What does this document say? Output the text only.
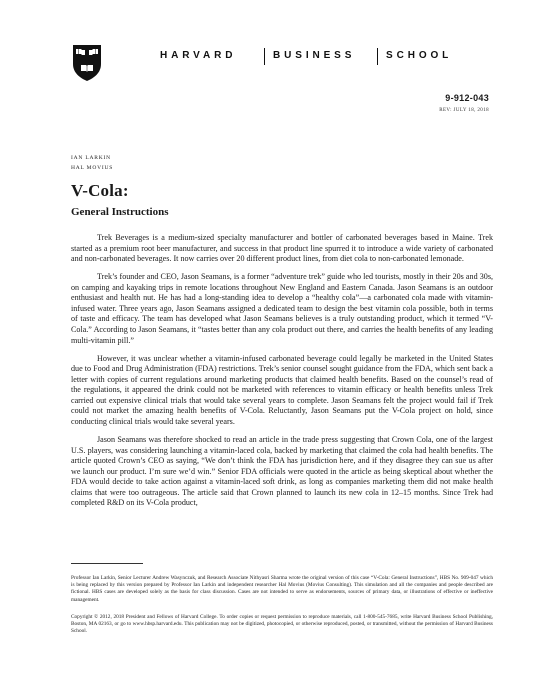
HARVARD	BUSINESS	SCHOOL
9-912-043
REV: JULY 18, 2018
IAN LARKIN
HAL MOVIUS
V-Cola:
General Instructions

Trek Beverages is a medium-sized specialty manufacturer and bottler of carbonated beverages based in Maine. Trek started as a premium root beer manufacturer, and success in that product line spurred it to introduce a wide variety of carbonated and non-carbonated beverages. It now carries over 20 different product lines, from diet cola to non-carbonated lemonade.

Trek’s founder and CEO, Jason Seamans, is a former “adventure trek” guide who led tourists, mostly in their 20s and 30s, on camping and kayaking trips in remote locations throughout New England and Eastern Canada. Jason Seamans is an outdoor enthusiast and health nut. He has had a long-standing idea to develop a “healthy cola”—a carbonated cola made with vitamin-infused water. Three years ago, Jason Seamans assigned a dedicated team to design the best vitamin cola possible, both in terms of taste and efficacy. The team has developed what Jason Seamans believes is a truly outstanding product, which it termed “V-Cola.” According to Jason Seamans, it “tastes better than any cola product out there, and carries the health benefits of any leading multi-vitamin pill.”

However, it was unclear whether a vitamin-infused carbonated beverage could legally be marketed in the United States due to Food and Drug Administration (FDA) restrictions. Trek’s senior counsel sought guidance from the FDA, which sent back a letter with copies of current regulations around marketing products that claimed health benefits. Based on the counsel’s read of the regulations, it appeared the drink could not be marketed with references to vitamin efficacy or health benefits unless Trek carried out expensive clinical trials that would take several years to complete. Jason Seamans felt the project would fail if Trek could not market the amazing health benefits of V-Cola. Reluctantly, Jason Seamans put the V-Cola project on hold, since conducting clinical trials would take several years.

Jason Seamans was therefore shocked to read an article in the trade press suggesting that Crown Cola, one of the largest U.S. players, was considering launching a vitamin-laced cola, backed by marketing that claimed the cola had health benefits. The article quoted Crown’s CEO as saying, “We don’t think the FDA has jurisdiction here, and if they disagree they can sue us after we launch our product. I’m sure we’d win.” Senior FDA officials were quoted in the article as being skeptical about whether the FDA would decide to take action against a vitamin-laced soft drink, as long as companies marketing them did not make health claims that were too outrageous. The article said that Crown planned to launch its new cola in 12–15 months. Since Trek had completed R&D on its V-Cola product,

Professor Ian Larkin, Senior Lecturer Andrew Wasynczuk, and Research Associate Nithyasri Sharma wrote the original version of this case “V-Cola: General Instructions”, HBS No. 909-047 which is being replaced by this version prepared by Professor Ian Larkin and independent researcher Hal Movius (Movius Consulting). This simulation and all the companies and people described are fictional. HBS cases are developed solely as the basis for class discussion. Cases are not intended to serve as endorsements, sources of primary data, or illustrations of effective or ineffective management.
Copyright © 2012, 2018 President and Fellows of Harvard College. To order copies or request permission to reproduce materials, call 1-800-545-7685, write Harvard Business School Publishing, Boston, MA 02163, or go to www.hbsp.harvard.edu. This publication may not be digitized, photocopied, or otherwise reproduced, posted, or transmitted, without the permission of Harvard Business School.
